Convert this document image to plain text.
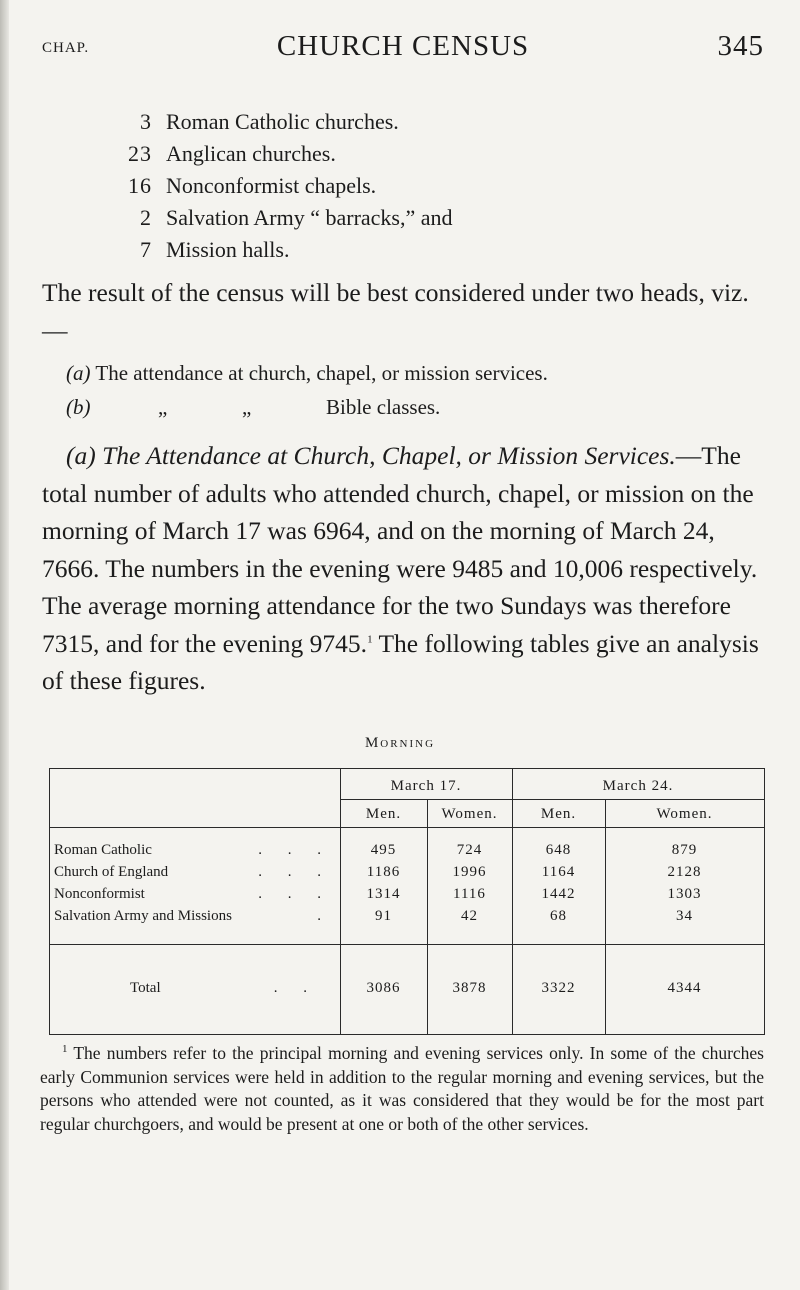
CHAP.	CHURCH CENSUS	345
3 Roman Catholic churches.
23 Anglican churches.
16 Nonconformist chapels.
2 Salvation Army “ barracks,” and
7 Mission halls.
The result of the census will be best considered under two heads, viz.—
(a) The attendance at church, chapel, or mission services.
(b)	„	„	Bible classes.
(a) The Attendance at Church, Chapel, or Mission Services.—The total number of adults who attended church, chapel, or mission on the morning of March 17 was 6964, and on the morning of March 24, 7666. The numbers in the evening were 9485 and 10,006 respectively. The average morning attendance for the two Sundays was therefore 7315, and for the evening 9745.$^1$ The following tables give an analysis of these figures.
Morning
March 17.	March 24.
Men.	Women.	Men.	Women.
Roman Catholic	. . .	495	724	648	879
Church of England	. . .	1186	1996	1164	2128
Nonconformist	. . .	1314	1116	1442	1303
Salvation Army and Missions	.	91	42	68	34
Total	. .	3086	3878	3322	4344
$^1$ The numbers refer to the principal morning and evening services only. In some of the churches early Communion services were held in addition to the regular morning and evening services, but the persons who attended were not counted, as it was considered that they would be for the most part regular churchgoers, and would be present at one or both of the other services.
